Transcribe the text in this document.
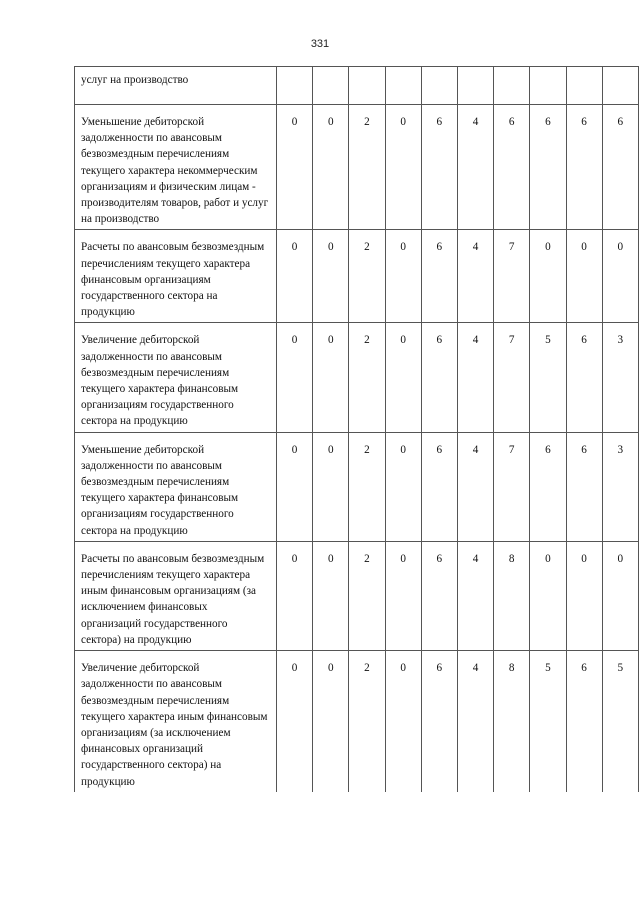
331
услуг на производство										
Уменьшение дебиторской задолженности по авансовым безвозмездным перечислениям текущего характера некоммерческим организациям и физическим лицам - производителям товаров, работ и услуг на производство	0	0	2	0	6	4	6	6	6	6
Расчеты по авансовым безвозмездным перечислениям текущего характера финансовым организациям государственного сектора на продукцию	0	0	2	0	6	4	7	0	0	0
Увеличение дебиторской задолженности по авансовым безвозмездным перечислениям текущего характера финансовым организациям государственного сектора на продукцию	0	0	2	0	6	4	7	5	6	3
Уменьшение дебиторской задолженности по авансовым безвозмездным перечислениям текущего характера финансовым организациям государственного сектора на продукцию	0	0	2	0	6	4	7	6	6	3
Расчеты по авансовым безвозмездным перечислениям текущего характера иным финансовым организациям (за исключением финансовых организаций государственного сектора) на продукцию	0	0	2	0	6	4	8	0	0	0
Увеличение дебиторской задолженности по авансовым безвозмездным перечислениям текущего характера иным финансовым организациям (за исключением финансовых организаций государственного сектора) на продукцию	0	0	2	0	6	4	8	5	6	5
